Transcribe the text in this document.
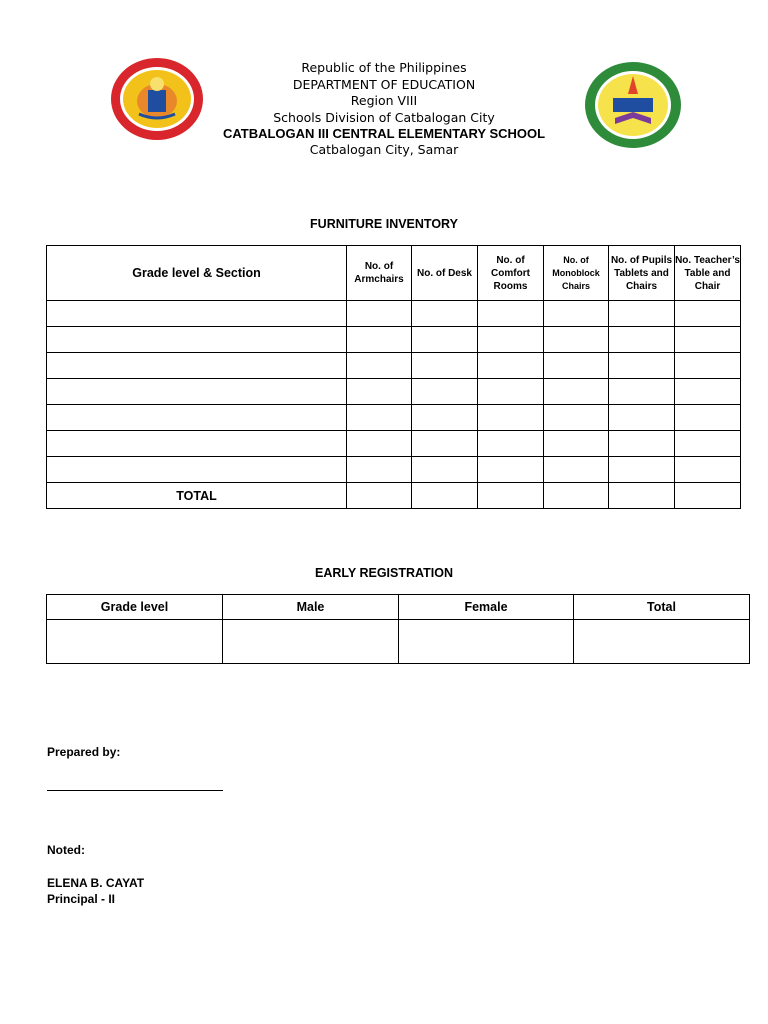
Republic of the Philippines
DEPARTMENT OF EDUCATION
Region VIII
Schools Division of Catbalogan City
CATBALOGAN III CENTRAL ELEMENTARY SCHOOL
Catbalogan City, Samar
FURNITURE INVENTORY
Grade level & Section	No. of Armchairs	No. of Desk	No. of Comfort Rooms	No. of Monoblock Chairs	No. of Pupils Tablets and Chairs	No. Teacher’s Table and Chair

TOTAL						
EARLY REGISTRATION
Grade level	Male	Female	Total

Prepared by:
Noted:
ELENA B. CAYAT
Principal - II
